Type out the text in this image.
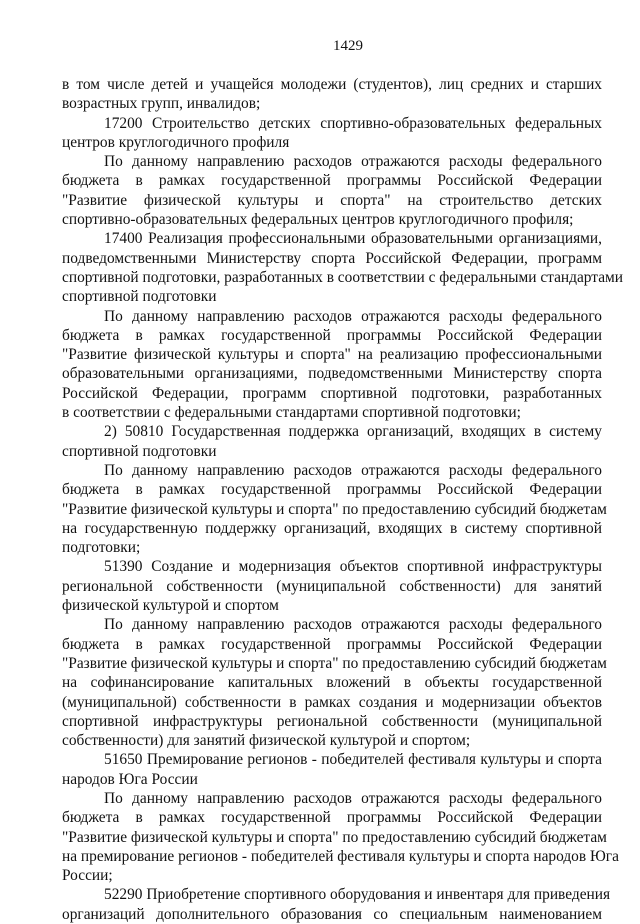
1429
в том числе детей и учащейся молодежи (студентов), лиц средних и старших
возрастных групп, инвалидов;
17200 Строительство детских спортивно-образовательных федеральных
центров круглогодичного профиля
По данному направлению расходов отражаются расходы федерального
бюджета в рамках государственной программы Российской Федерации
"Развитие физической культуры и спорта" на строительство детских
спортивно-образовательных федеральных центров круглогодичного профиля;
17400 Реализация профессиональными образовательными организациями,
подведомственными Министерству спорта Российской Федерации, программ
спортивной подготовки, разработанных в соответствии с федеральными стандартами
спортивной подготовки
По данному направлению расходов отражаются расходы федерального
бюджета в рамках государственной программы Российской Федерации
"Развитие физической культуры и спорта" на реализацию профессиональными
образовательными организациями, подведомственными Министерству спорта
Российской Федерации, программ спортивной подготовки, разработанных
в соответствии с федеральными стандартами спортивной подготовки;
2) 50810 Государственная поддержка организаций, входящих в систему
спортивной подготовки
По данному направлению расходов отражаются расходы федерального
бюджета в рамках государственной программы Российской Федерации
"Развитие физической культуры и спорта" по предоставлению субсидий бюджетам
на государственную поддержку организаций, входящих в систему спортивной
подготовки;
51390 Создание и модернизация объектов спортивной инфраструктуры
региональной собственности (муниципальной собственности) для занятий
физической культурой и спортом
По данному направлению расходов отражаются расходы федерального
бюджета в рамках государственной программы Российской Федерации
"Развитие физической культуры и спорта" по предоставлению субсидий бюджетам
на софинансирование капитальных вложений в объекты государственной
(муниципальной) собственности в рамках создания и модернизации объектов
спортивной инфраструктуры региональной собственности (муниципальной
собственности) для занятий физической культурой и спортом;
51650 Премирование регионов - победителей фестиваля культуры и спорта
народов Юга России
По данному направлению расходов отражаются расходы федерального
бюджета в рамках государственной программы Российской Федерации
"Развитие физической культуры и спорта" по предоставлению субсидий бюджетам
на премирование регионов - победителей фестиваля культуры и спорта народов Юга
России;
52290 Приобретение спортивного оборудования и инвентаря для приведения
организаций дополнительного образования со специальным наименованием
